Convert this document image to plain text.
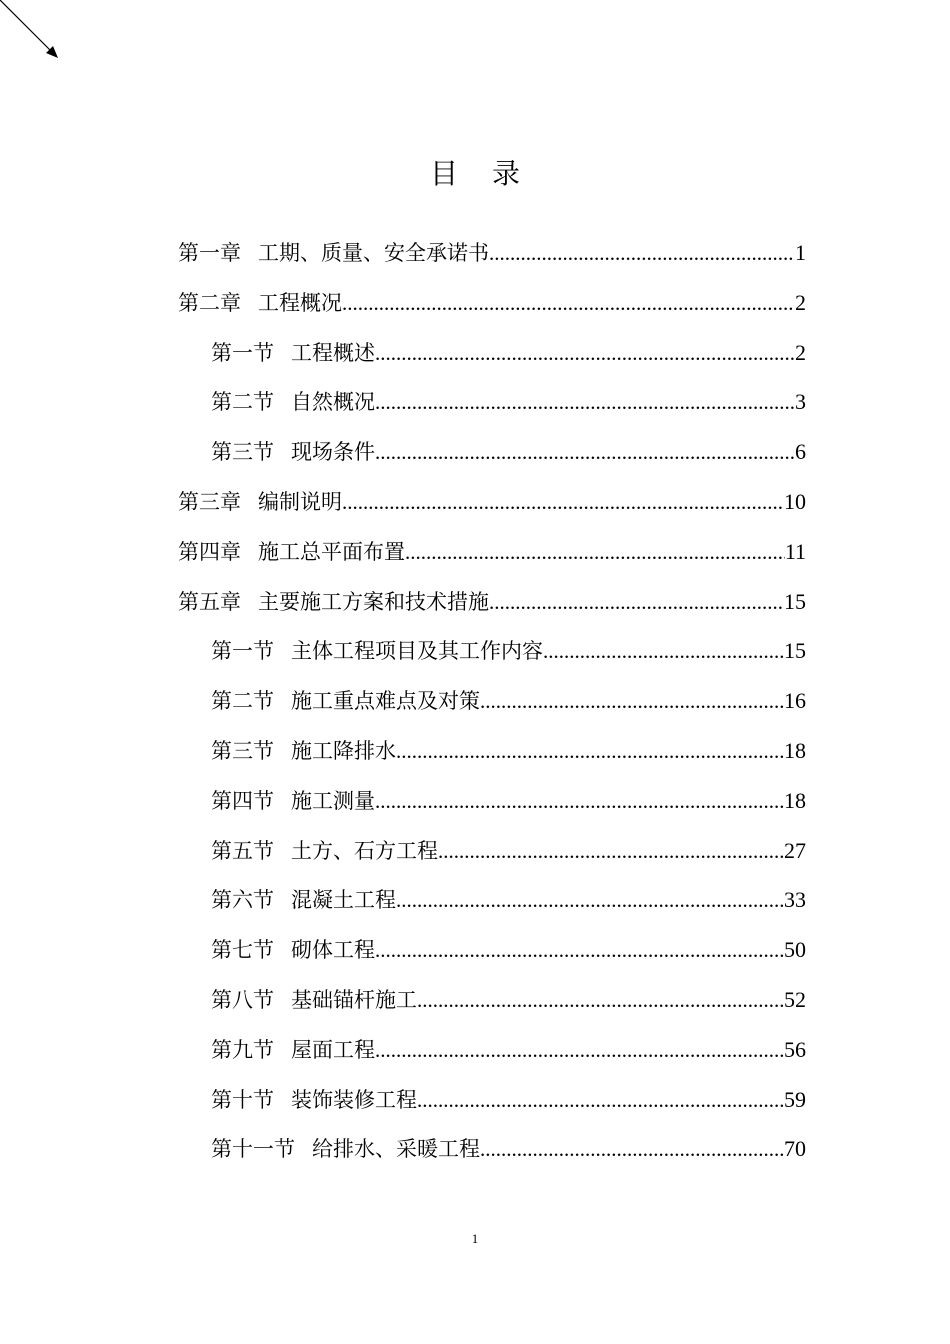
目 录
第一章 工期、质量、安全承诺书 .....	1
第二章 工程概况 .....	2
第一节 工程概述 .....	2
第二节 自然概况 .....	3
第三节 现场条件 .....	6
第三章 编制说明 .....	10
第四章 施工总平面布置 .....	11
第五章 主要施工方案和技术措施 .....	15
第一节 主体工程项目及其工作内容 .....	15
第二节 施工重点难点及对策 .....	16
第三节 施工降排水 .....	18
第四节 施工测量 .....	18
第五节 土方、石方工程 .....	27
第六节 混凝土工程 .....	33
第七节 砌体工程 .....	50
第八节 基础锚杆施工 .....	52
第九节 屋面工程 .....	56
第十节 装饰装修工程 .....	59
第十一节 给排水、采暖工程 .....	70
1
